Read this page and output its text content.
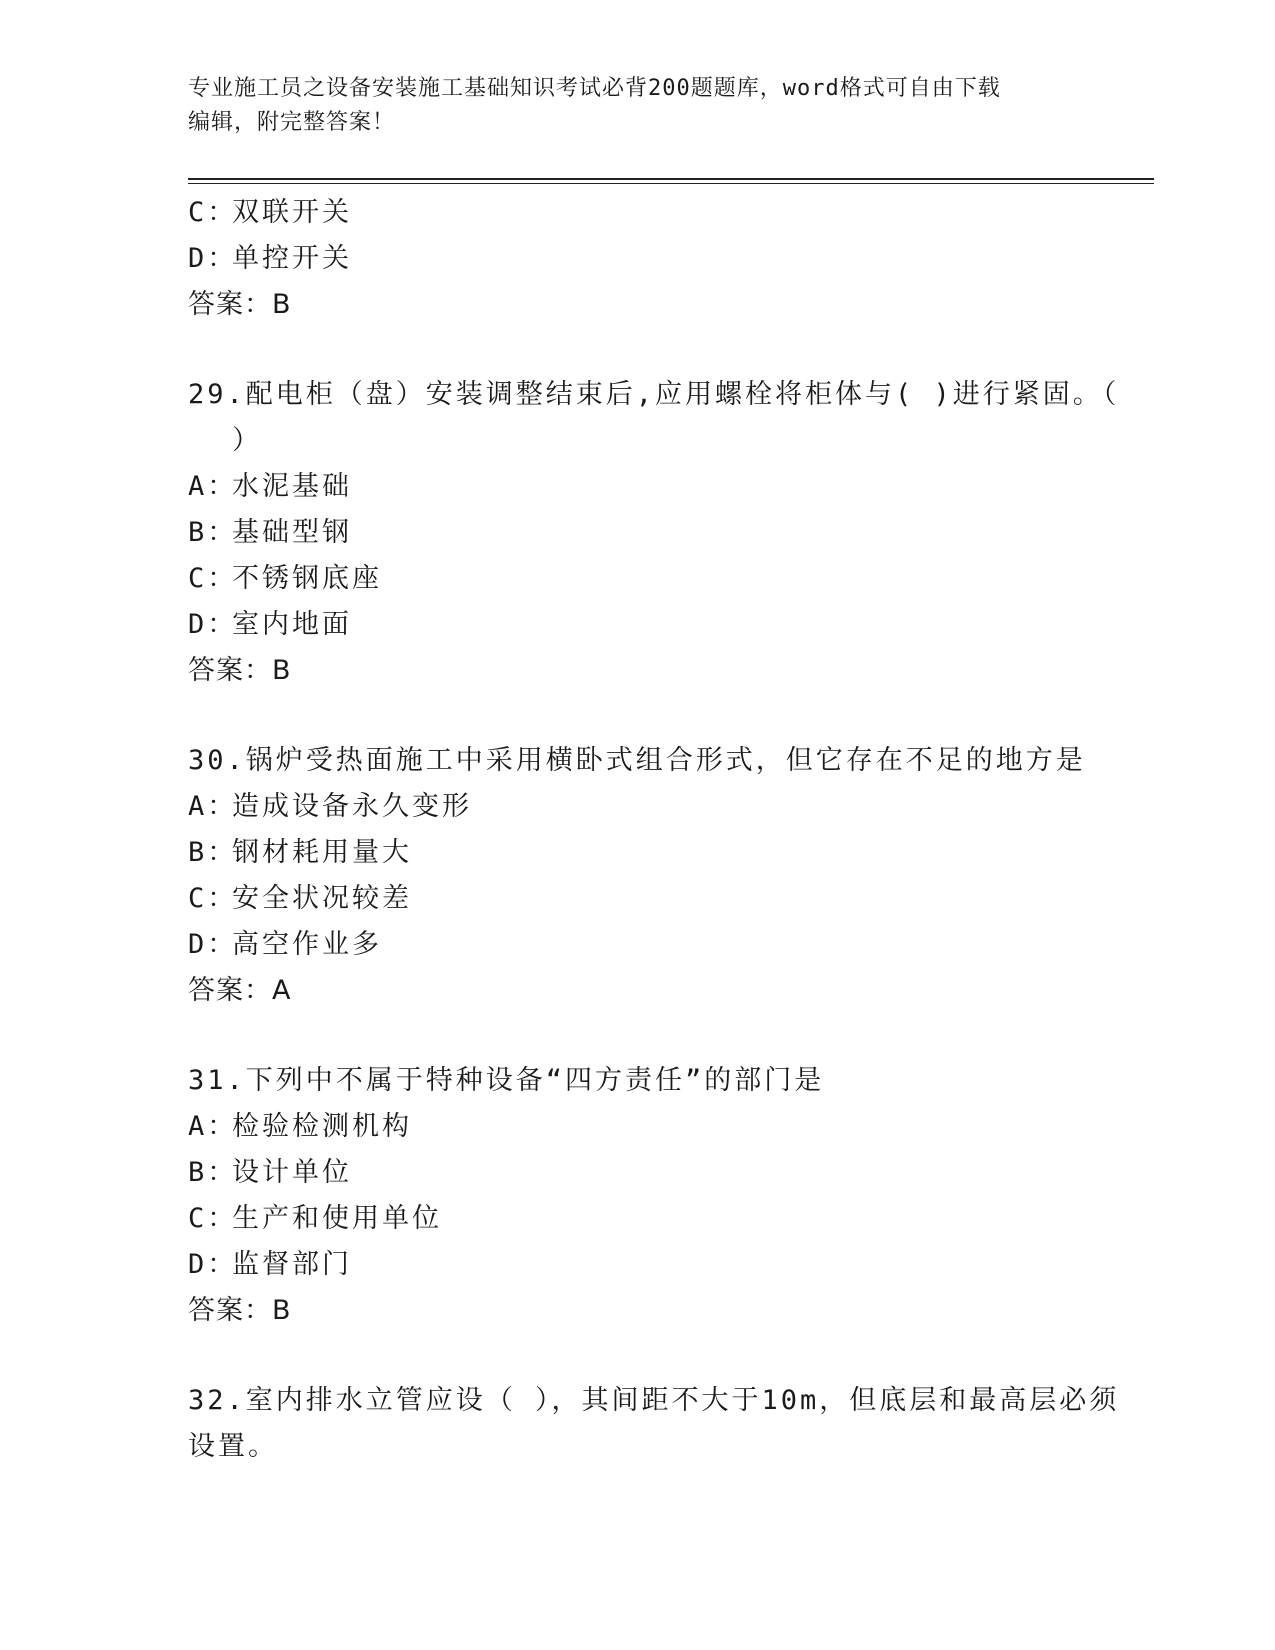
专业施工员之设备安装施工基础知识考试必背200题题库，word格式可自由下载
编辑，附完整答案！
C：双联开关
D：单控开关
答案：B
29.配电柜（盘）安装调整结束后,应用螺栓将柜体与( )进行紧固。（
）
A：水泥基础
B：基础型钢
C：不锈钢底座
D：室内地面
答案：B
30.锅炉受热面施工中采用横卧式组合形式，但它存在不足的地方是
A：造成设备永久变形
B：钢材耗用量大
C：安全状况较差
D：高空作业多
答案：A
31.下列中不属于特种设备“四方责任”的部门是
A：检验检测机构
B：设计单位
C：生产和使用单位
D：监督部门
答案：B
32.室内排水立管应设（ ），其间距不大于10m，但底层和最高层必须
设置。
